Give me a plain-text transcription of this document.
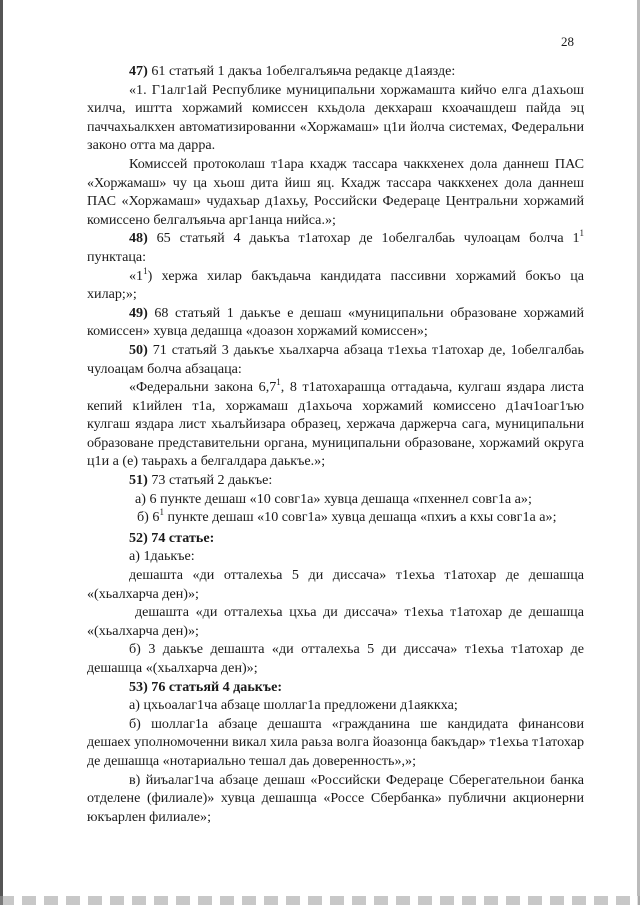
28

47) 61 статьяй 1 дакъа 1обелгалъяьча редакце д1аязде:

«1. Г1алг1ай Республике муниципальни хоржамашта кийчо елга д1ахьош хилча, иштта хоржамий комиссен кхьдола декхараш кхоачашдеш пайда эц паччахьалкхен автоматизированни «Хоржамаш» ц1и йолча системах, Федеральни законо отта ма дарра.

Комиссей протоколаш т1ара кхадж тассара чаккхенех дола даннеш ПАС «Хоржамаш» чу ца хьош дита йиш яц. Кхадж тассара чаккхенех дола даннеш ПАС «Хоржамаш» чудахьар д1ахьу, Российски Федераце Центральни хоржамий комиссено белгалъяьча арг1анца нийса.»;

48) 65 статьяй 4 даькъа т1атохар де 1обелгалбаь чулоацам болча $1^1$ пунктаца:

«$1^1$) хержа хилар бакъдаьча кандидата пассивни хоржамий бокъо ца хилар;»;

49) 68 статьяй 1 даькъе е дешаш «муниципальни образоване хоржамий комиссен» хувца дедашца «доазон хоржамий комиссен»;

50) 71 статьяй 3 даькъе хьалхарча абзаца т1ехьа т1атохар де, 1обелгалбаь чулоацам болча абзацаца:

«Федеральни закона $6,7^1$, 8 т1атохарашца оттадаьча, кулгаш яздара листа кепий к1ийлен т1а, хоржамаш д1ахьоча хоржамий комиссено д1ач1оаг1ъю кулгаш яздара лист хьалъйизара образец, хержача даржерча сага, муниципальни образоване представительни органа, муниципальни образоване, хоржамий округа ц1и а (е) таьрахь а белгалдара даькъе.»;

51) 73 статьяй 2 даькъе:

а) 6 пункте дешаш «10 совг1а» хувца дешаща «пхеннел совг1а а»;

б) $6^1$ пункте дешаш «10 совг1а» хувца дешаща «пхиъ а кхы совг1а а»;

52) 74 статье:

а) 1даькъе:

дешашта «ди отталехьа 5 ди диссача» т1ехьа т1атохар де дешашца «(хьалхарча ден)»;

дешашта «ди отталехьа цхьа ди диссача» т1ехьа т1атохар де дешашца «(хьалхарча ден)»;

б) 3 даькъе дешашта «ди отталехьа 5 ди диссача» т1ехьа т1атохар де дешашца «(хьалхарча ден)»;

53) 76 статьяй 4 даькъе:

а) цхьоалаг1ча абзаце шоллаг1а предложени д1аяккха;

б) шоллаг1а абзаце дешашта «гражданина ше кандидата финансови дешаех уполномоченни викал хила раьза волга йоазонца бакъдар» т1ехьа т1атохар де дешашца «нотариально тешал даь доверенность»,»;

в) йиъалаг1ча абзаце дешаш «Российски Федераце Сберегательнои банка отделене (филиале)» хувца дешашца «Россе Сбербанка» публични акционерни юкъарлен филиале»;
